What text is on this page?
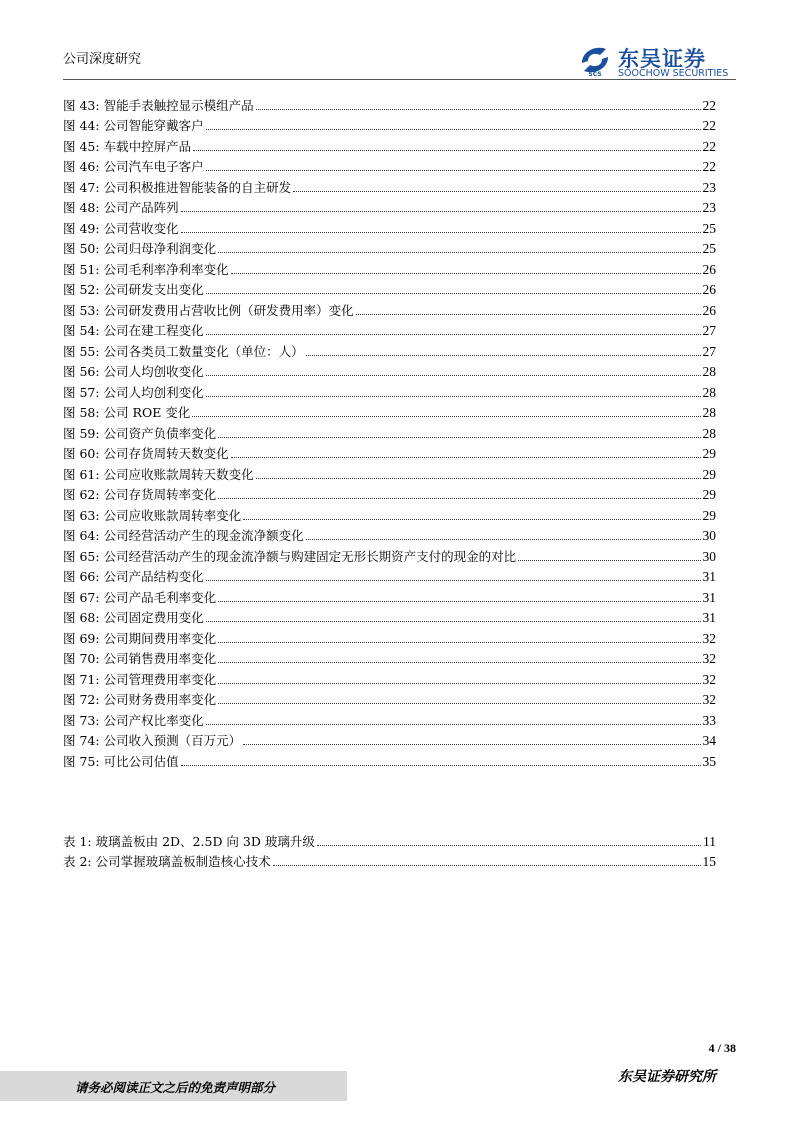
公司深度研究
SCS
东吴证券
SOOCHOW SECURITIES
图 43: 智能手表触控显示模组产品	22
图 44: 公司智能穿戴客户	22
图 45: 车载中控屏产品	22
图 46: 公司汽车电子客户	22
图 47: 公司积极推进智能装备的自主研发	23
图 48: 公司产品阵列	23
图 49: 公司营收变化	25
图 50: 公司归母净利润变化	25
图 51: 公司毛利率净利率变化	26
图 52: 公司研发支出变化	26
图 53: 公司研发费用占营收比例（研发费用率）变化	26
图 54: 公司在建工程变化	27
图 55: 公司各类员工数量变化（单位：人）	27
图 56: 公司人均创收变化	28
图 57: 公司人均创利变化	28
图 58: 公司 ROE 变化	28
图 59: 公司资产负债率变化	28
图 60: 公司存货周转天数变化	29
图 61: 公司应收账款周转天数变化	29
图 62: 公司存货周转率变化	29
图 63: 公司应收账款周转率变化	29
图 64: 公司经营活动产生的现金流净额变化	30
图 65: 公司经营活动产生的现金流净额与购建固定无形长期资产支付的现金的对比	30
图 66: 公司产品结构变化	31
图 67: 公司产品毛利率变化	31
图 68: 公司固定费用变化	31
图 69: 公司期间费用率变化	32
图 70: 公司销售费用率变化	32
图 71: 公司管理费用率变化	32
图 72: 公司财务费用率变化	32
图 73: 公司产权比率变化	33
图 74: 公司收入预测（百万元）	34
图 75: 可比公司估值	35
表 1: 玻璃盖板由 2D、2.5D 向 3D 玻璃升级	11
表 2: 公司掌握玻璃盖板制造核心技术	15
4 / 38
请务必阅读正文之后的免责声明部分
东吴证券研究所
